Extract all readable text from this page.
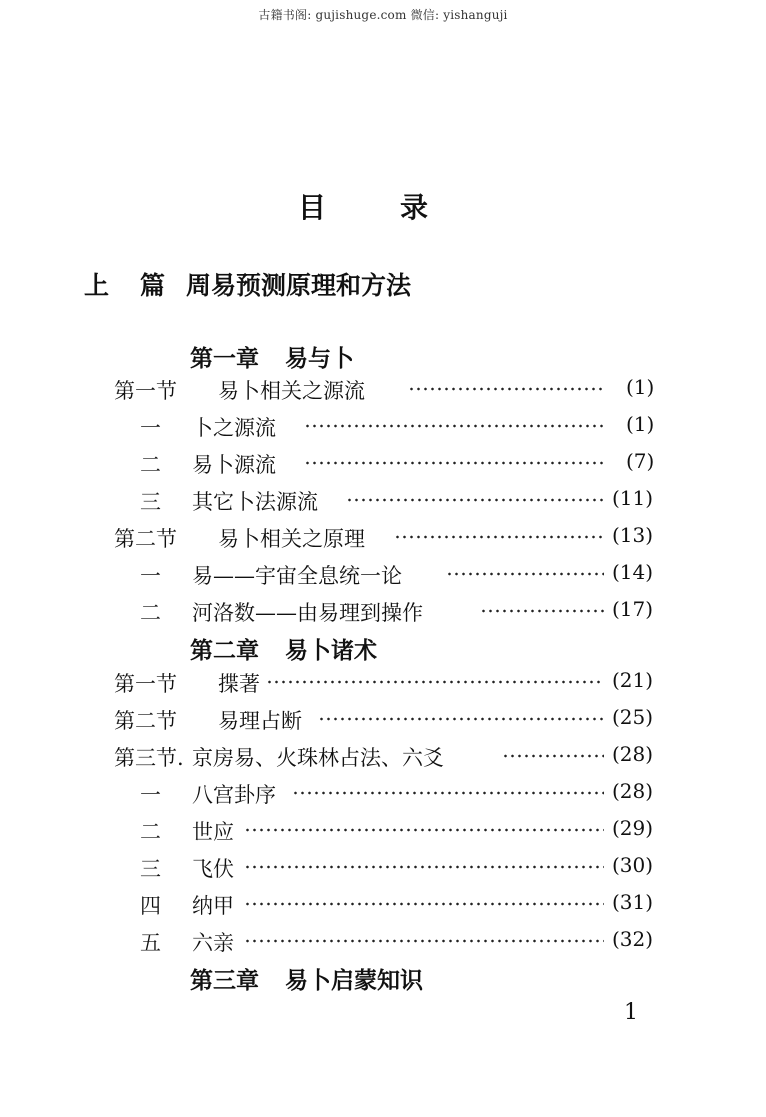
古籍书阁: gujishuge.com 微信: yishanguji
目	录
上 篇 周易预测原理和方法
第一章 易与卜
第一节 易卜相关之源流	(1)
一 卜之源流	(1)
二 易卜源流	(7)
三 其它卜法源流	(11)
第二节 易卜相关之原理	(13)
一 易——宇宙全息统一论	(14)
二 河洛数——由易理到操作	(17)
第二章 易卜诸术
第一节 揲著	(21)
第二节 易理占断	(25)
第三节. 京房易、火珠林占法、六爻	(28)
一 八宫卦序	(28)
二 世应	(29)
三 飞伏	(30)
四 纳甲	(31)
五 六亲	(32)
第三章 易卜启蒙知识
1
